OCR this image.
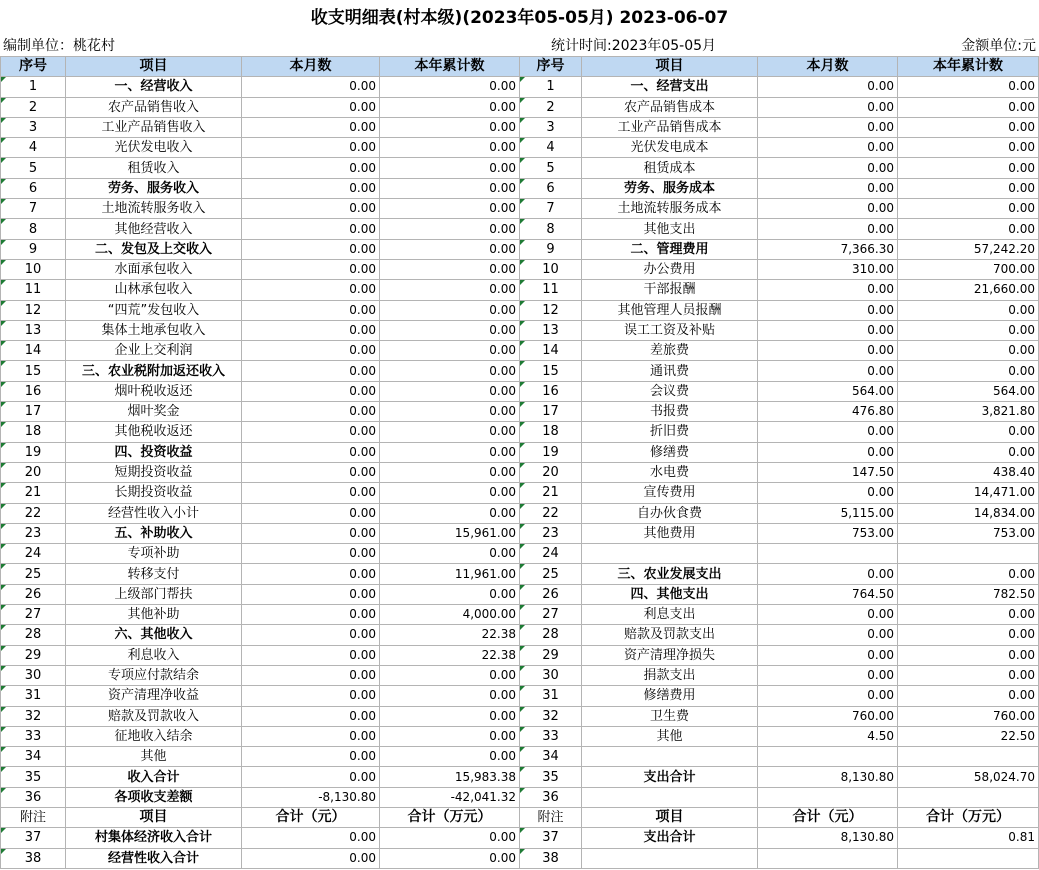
收支明细表(村本级)(2023年05-05月) 2023-06-07
编制单位：桃花村	统计时间:2023年05-05月	金额单位:元
序号	项目	本月数	本年累计数	序号	项目	本月数	本年累计数
1	一、经营收入	0.00	0.00	1	一、经营支出	0.00	0.00
2	农产品销售收入	0.00	0.00	2	农产品销售成本	0.00	0.00
3	工业产品销售收入	0.00	0.00	3	工业产品销售成本	0.00	0.00
4	光伏发电收入	0.00	0.00	4	光伏发电成本	0.00	0.00
5	租赁收入	0.00	0.00	5	租赁成本	0.00	0.00
6	劳务、服务收入	0.00	0.00	6	劳务、服务成本	0.00	0.00
7	土地流转服务收入	0.00	0.00	7	土地流转服务成本	0.00	0.00
8	其他经营收入	0.00	0.00	8	其他支出	0.00	0.00
9	二、发包及上交收入	0.00	0.00	9	二、管理费用	7,366.30	57,242.20
10	水面承包收入	0.00	0.00	10	办公费用	310.00	700.00
11	山林承包收入	0.00	0.00	11	干部报酬	0.00	21,660.00
12	“四荒”发包收入	0.00	0.00	12	其他管理人员报酬	0.00	0.00
13	集体土地承包收入	0.00	0.00	13	误工工资及补贴	0.00	0.00
14	企业上交利润	0.00	0.00	14	差旅费	0.00	0.00
15	三、农业税附加返还收入	0.00	0.00	15	通讯费	0.00	0.00
16	烟叶税收返还	0.00	0.00	16	会议费	564.00	564.00
17	烟叶奖金	0.00	0.00	17	书报费	476.80	3,821.80
18	其他税收返还	0.00	0.00	18	折旧费	0.00	0.00
19	四、投资收益	0.00	0.00	19	修缮费	0.00	0.00
20	短期投资收益	0.00	0.00	20	水电费	147.50	438.40
21	长期投资收益	0.00	0.00	21	宣传费用	0.00	14,471.00
22	经营性收入小计	0.00	0.00	22	自办伙食费	5,115.00	14,834.00
23	五、补助收入	0.00	15,961.00	23	其他费用	753.00	753.00
24	专项补助	0.00	0.00	24			
25	转移支付	0.00	11,961.00	25	三、农业发展支出	0.00	0.00
26	上级部门帮扶	0.00	0.00	26	四、其他支出	764.50	782.50
27	其他补助	0.00	4,000.00	27	利息支出	0.00	0.00
28	六、其他收入	0.00	22.38	28	赔款及罚款支出	0.00	0.00
29	利息收入	0.00	22.38	29	资产清理净损失	0.00	0.00
30	专项应付款结余	0.00	0.00	30	捐款支出	0.00	0.00
31	资产清理净收益	0.00	0.00	31	修缮费用	0.00	0.00
32	赔款及罚款收入	0.00	0.00	32	卫生费	760.00	760.00
33	征地收入结余	0.00	0.00	33	其他	4.50	22.50
34	其他	0.00	0.00	34			
35	收入合计	0.00	15,983.38	35	支出合计	8,130.80	58,024.70
36	各项收支差额	-8,130.80	-42,041.32	36			
附注	项目	合计（元）	合计（万元）	附注	项目	合计（元）	合计（万元）
37	村集体经济收入合计	0.00	0.00	37	支出合计	8,130.80	0.81
38	经营性收入合计	0.00	0.00	38			
